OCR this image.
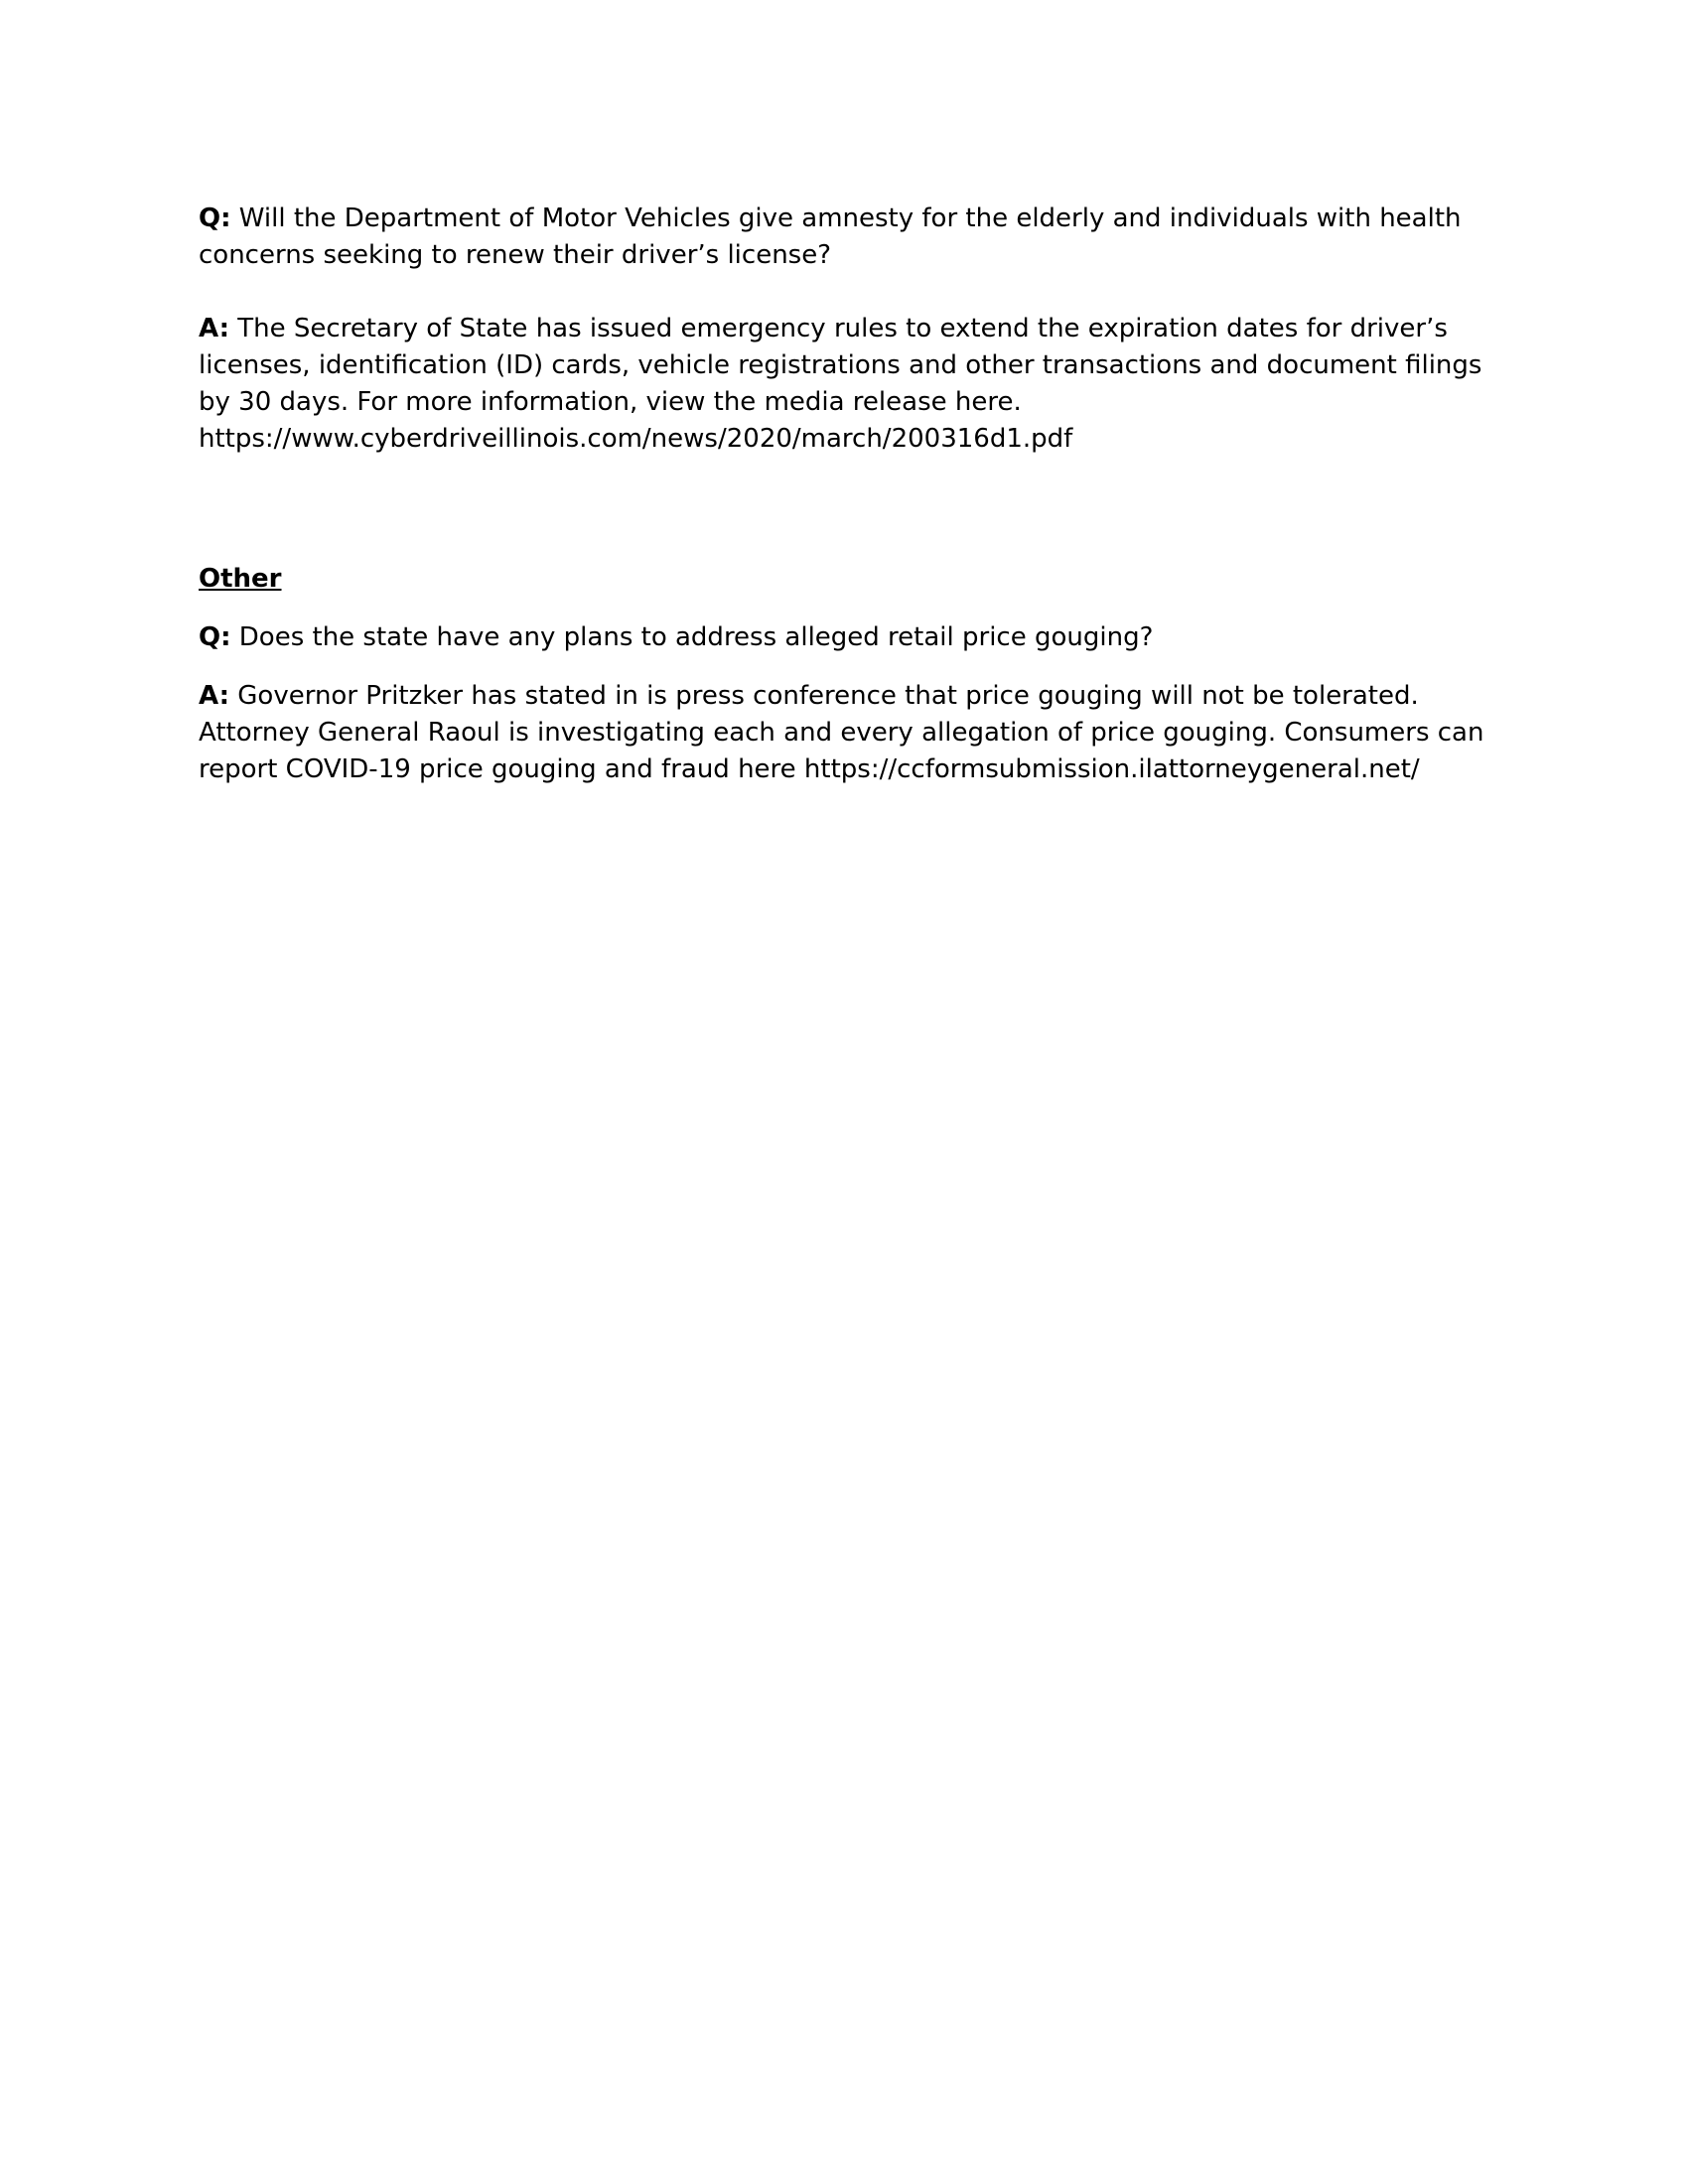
Q: Will the Department of Motor Vehicles give amnesty for the elderly and individuals with health concerns seeking to renew their driver’s license?

A: The Secretary of State has issued emergency rules to extend the expiration dates for driver’s licenses, identification (ID) cards, vehicle registrations and other transactions and document filings by 30 days. For more information, view the media release here.
https://www.cyberdriveillinois.com/news/2020/march/200316d1.pdf

Other

Q: Does the state have any plans to address alleged retail price gouging?

A: Governor Pritzker has stated in is press conference that price gouging will not be tolerated. Attorney General Raoul is investigating each and every allegation of price gouging. Consumers can report COVID-19 price gouging and fraud here https://ccformsubmission.ilattorneygeneral.net/
